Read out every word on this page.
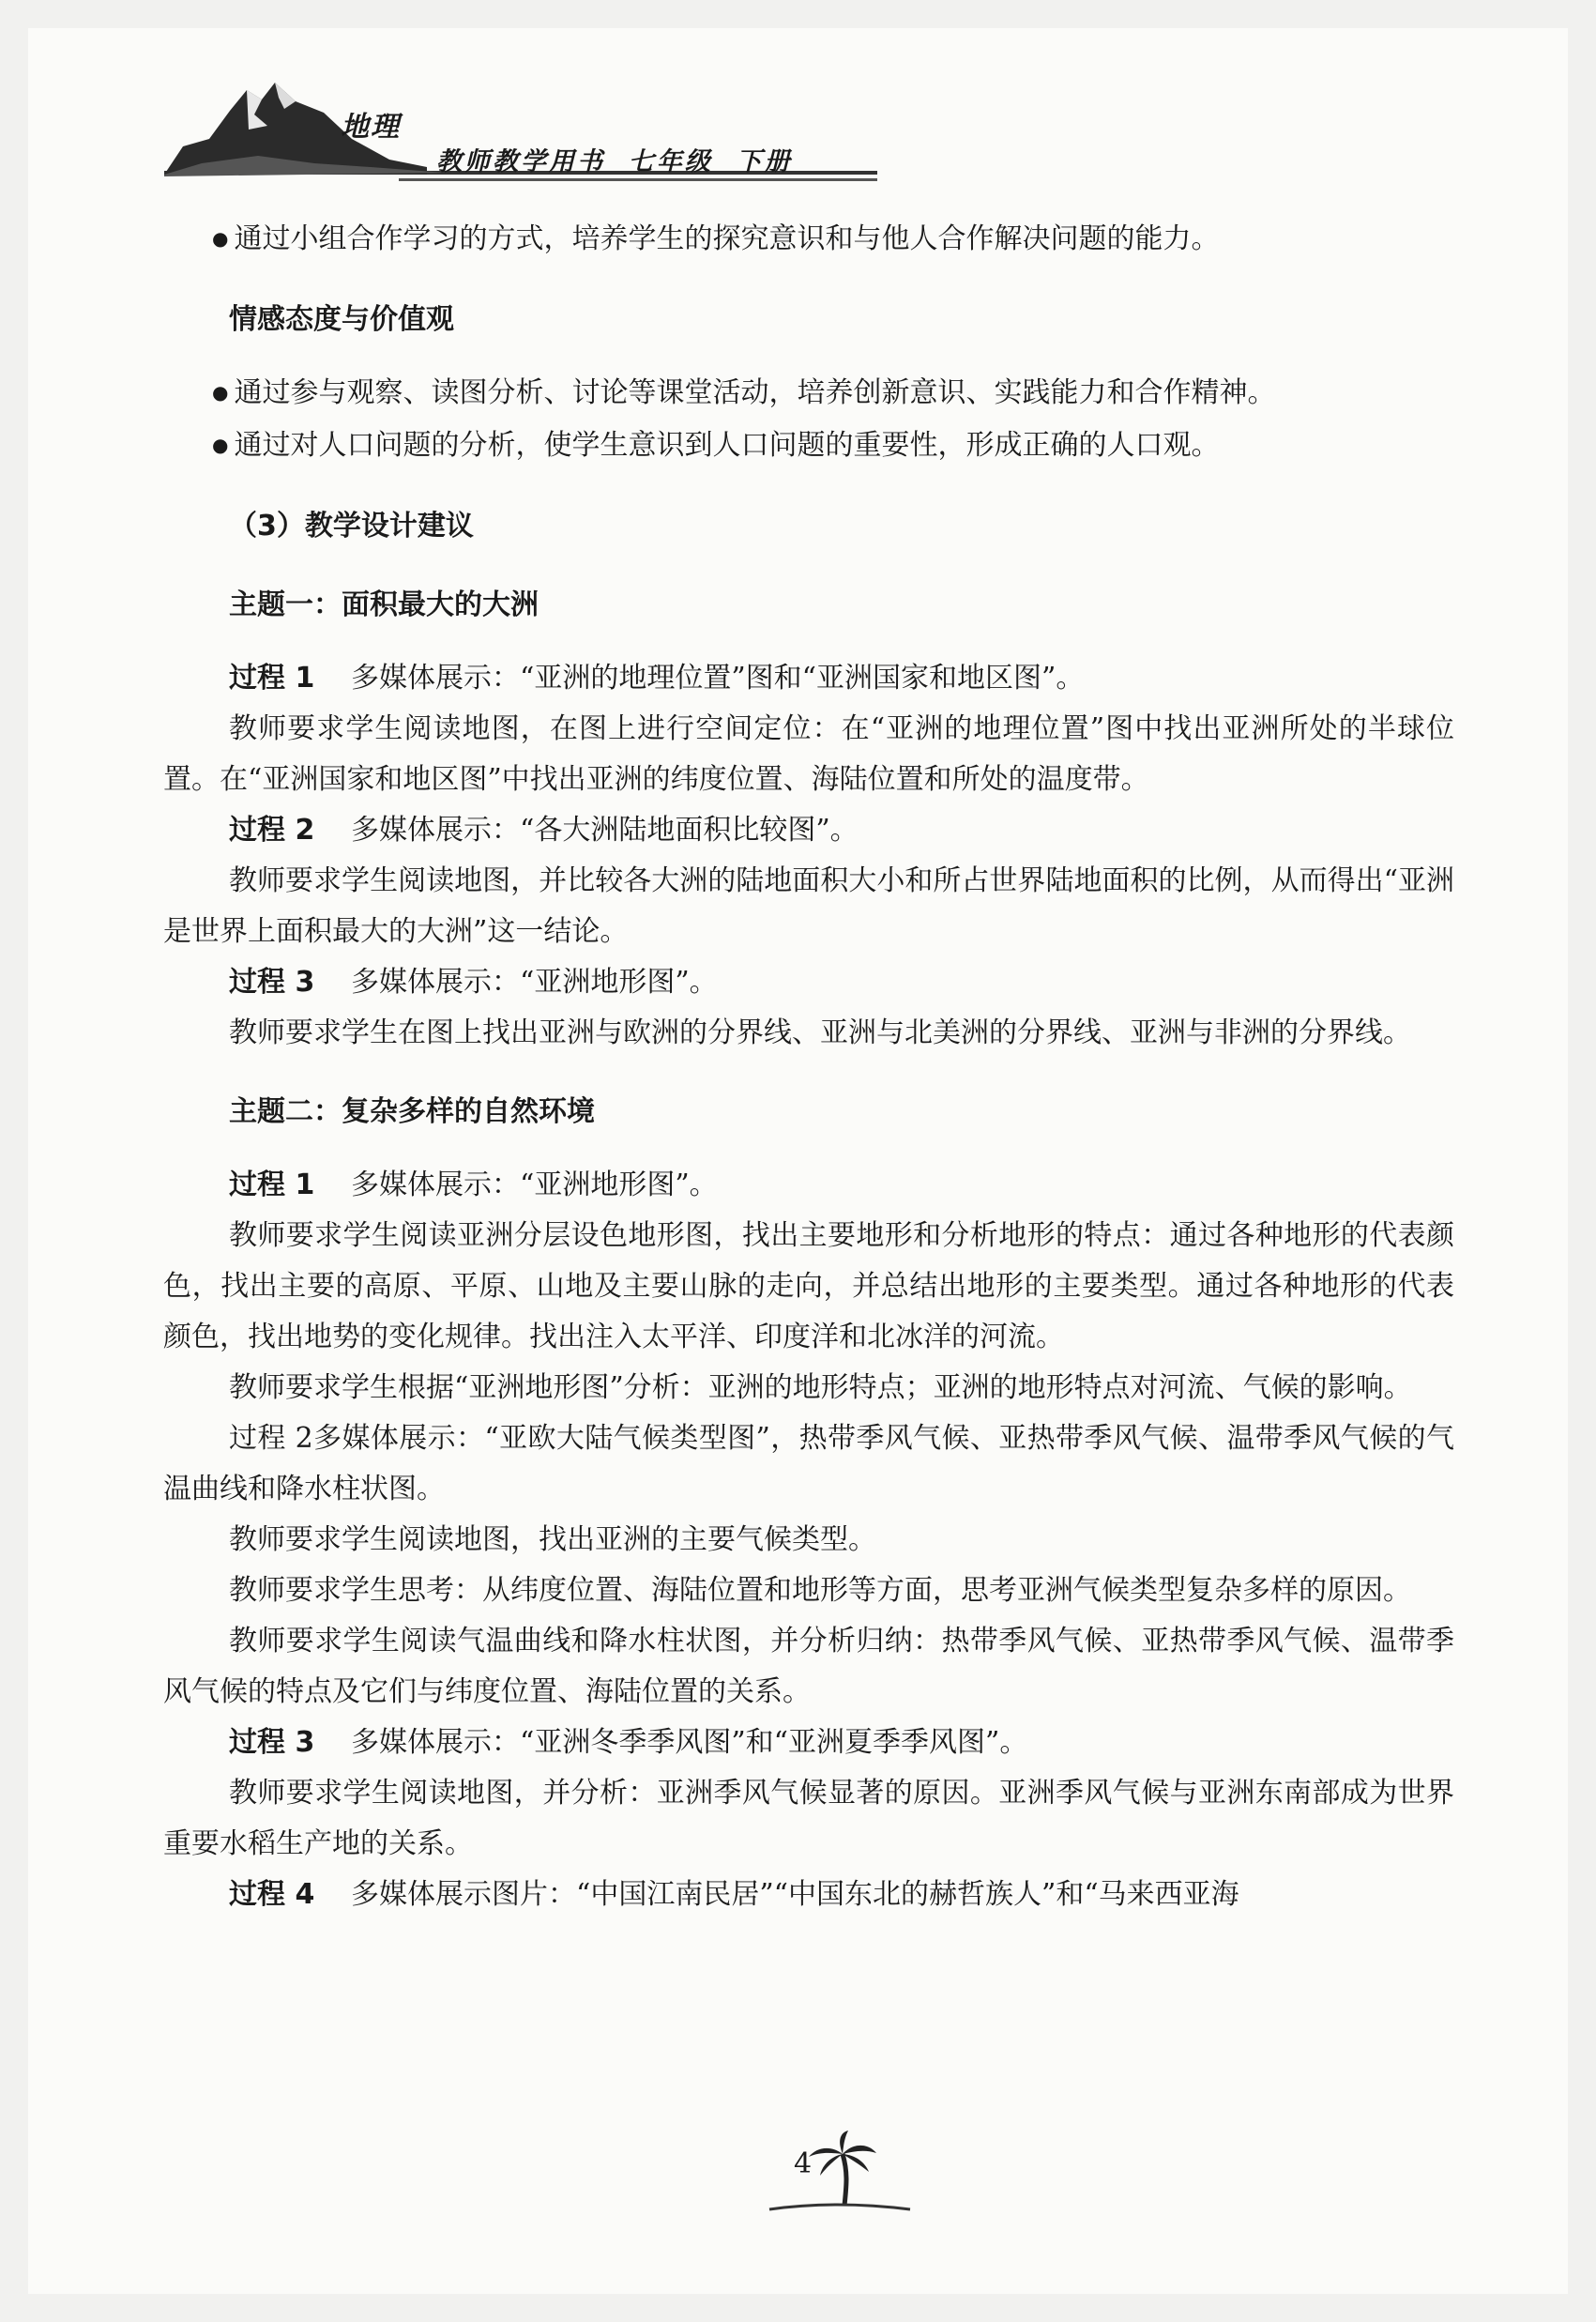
地理
教师教学用书  七年级  下册
● 通过小组合作学习的方式，培养学生的探究意识和与他人合作解决问题的能力。
情感态度与价值观
● 通过参与观察、读图分析、讨论等课堂活动，培养创新意识、实践能力和合作精神。
● 通过对人口问题的分析，使学生意识到人口问题的重要性，形成正确的人口观。
（3）教学设计建议
主题一：面积最大的大洲
过程 1 多媒体展示：“亚洲的地理位置”图和“亚洲国家和地区图”。
教师要求学生阅读地图，在图上进行空间定位：在“亚洲的地理位置”图中找出亚洲所处的半球位置。在“亚洲国家和地区图”中找出亚洲的纬度位置、海陆位置和所处的温度带。
过程 2 多媒体展示：“各大洲陆地面积比较图”。
教师要求学生阅读地图，并比较各大洲的陆地面积大小和所占世界陆地面积的比例，从而得出“亚洲是世界上面积最大的大洲”这一结论。
过程 3 多媒体展示：“亚洲地形图”。
教师要求学生在图上找出亚洲与欧洲的分界线、亚洲与北美洲的分界线、亚洲与非洲的分界线。
主题二：复杂多样的自然环境
过程 1 多媒体展示：“亚洲地形图”。
教师要求学生阅读亚洲分层设色地形图，找出主要地形和分析地形的特点：通过各种地形的代表颜色，找出主要的高原、平原、山地及主要山脉的走向，并总结出地形的主要类型。通过各种地形的代表颜色，找出地势的变化规律。找出注入太平洋、印度洋和北冰洋的河流。
教师要求学生根据“亚洲地形图”分析：亚洲的地形特点；亚洲的地形特点对河流、气候的影响。
过程 2多媒体展示：“亚欧大陆气候类型图”，热带季风气候、亚热带季风气候、温带季风气候的气温曲线和降水柱状图。
教师要求学生阅读地图，找出亚洲的主要气候类型。
教师要求学生思考：从纬度位置、海陆位置和地形等方面，思考亚洲气候类型复杂多样的原因。
教师要求学生阅读气温曲线和降水柱状图，并分析归纳：热带季风气候、亚热带季风气候、温带季风气候的特点及它们与纬度位置、海陆位置的关系。
过程 3 多媒体展示：“亚洲冬季季风图”和“亚洲夏季季风图”。
教师要求学生阅读地图，并分析：亚洲季风气候显著的原因。亚洲季风气候与亚洲东南部成为世界重要水稻生产地的关系。
过程 4 多媒体展示图片：“中国江南民居”“中国东北的赫哲族人”和“马来西亚海
4
